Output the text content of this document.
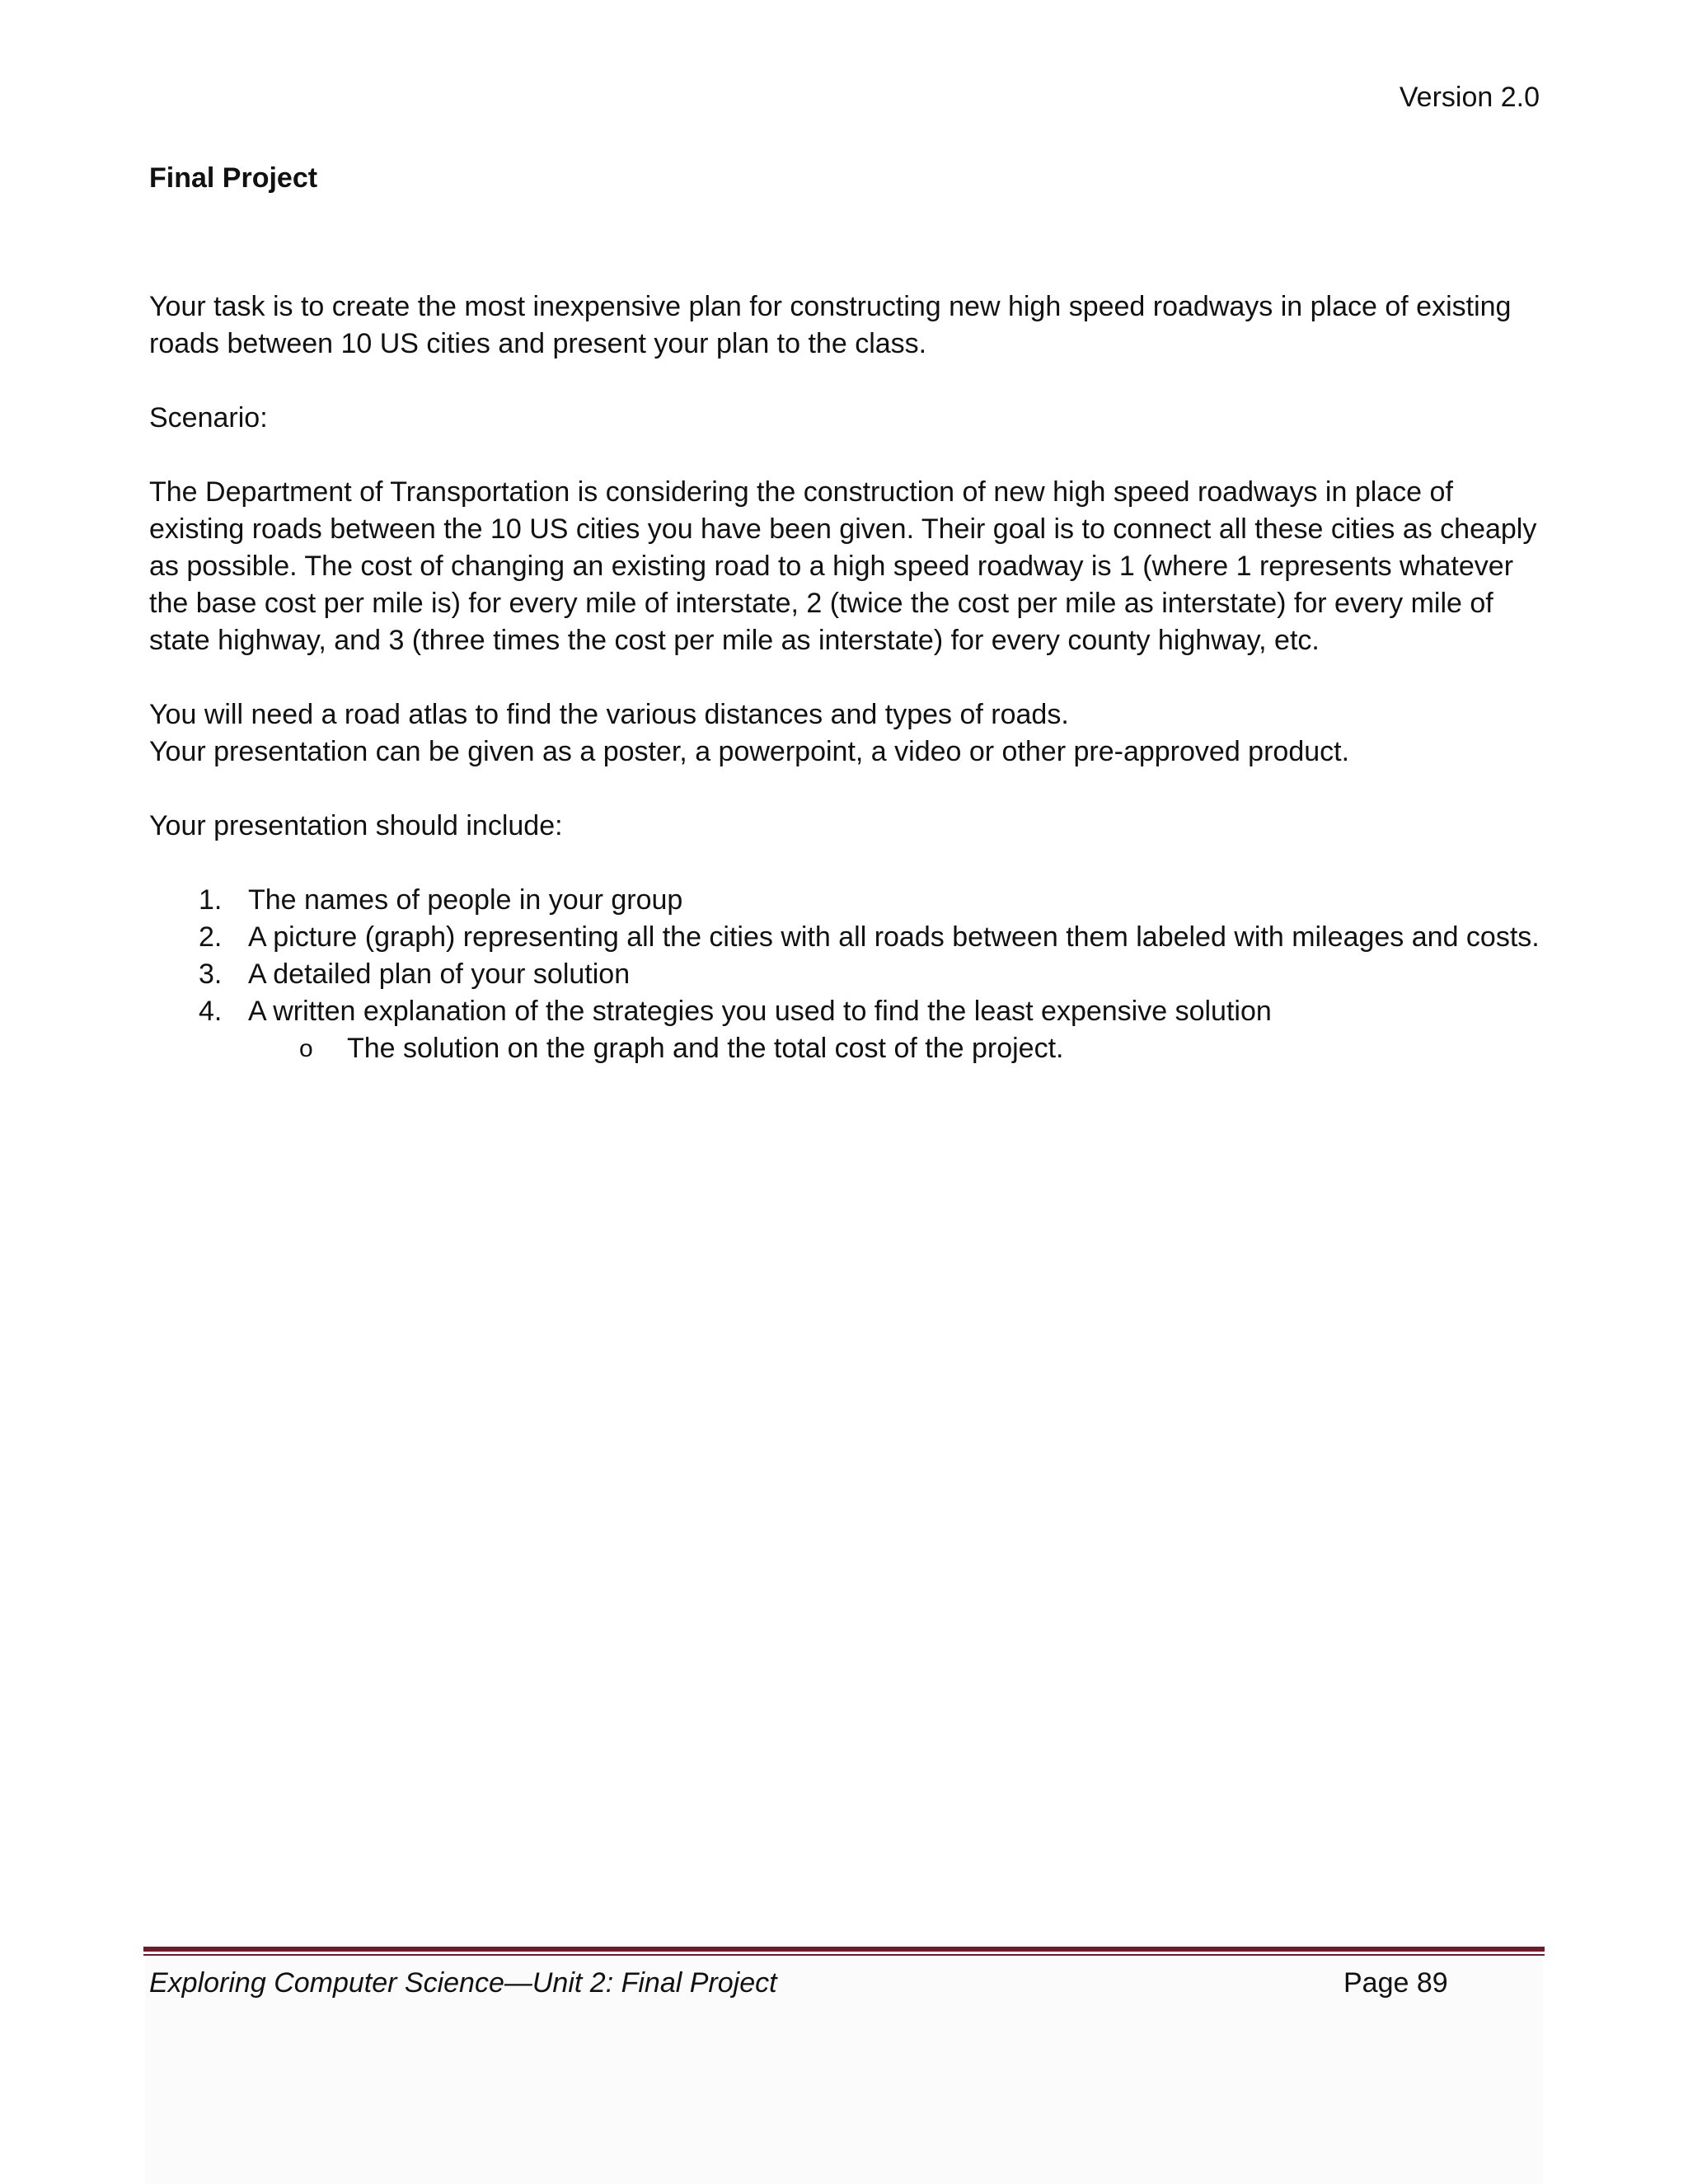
Version 2.0
Final Project

Your task is to create the most inexpensive plan for constructing new high speed roadways in place of existing roads between 10 US cities and present your plan to the class.

Scenario:

The Department of Transportation is considering the construction of new high speed roadways in place of existing roads between the 10 US cities you have been given. Their goal is to connect all these cities as cheaply as possible. The cost of changing an existing road to a high speed roadway is 1 (where 1 represents whatever the base cost per mile is) for every mile of interstate, 2 (twice the cost per mile as interstate) for every mile of state highway, and 3 (three times the cost per mile as interstate) for every county highway, etc.

You will need a road atlas to find the various distances and types of roads.

Your presentation can be given as a poster, a powerpoint, a video or other pre-approved product.

Your presentation should include:

The names of people in your group
A picture (graph) representing all the cities with all roads between them labeled with mileages and costs.
A detailed plan of your solution
A written explanation of the strategies you used to find the least expensive solution
o The solution on the graph and the total cost of the project.
Exploring Computer Science—Unit 2: Final Project	Page 89
